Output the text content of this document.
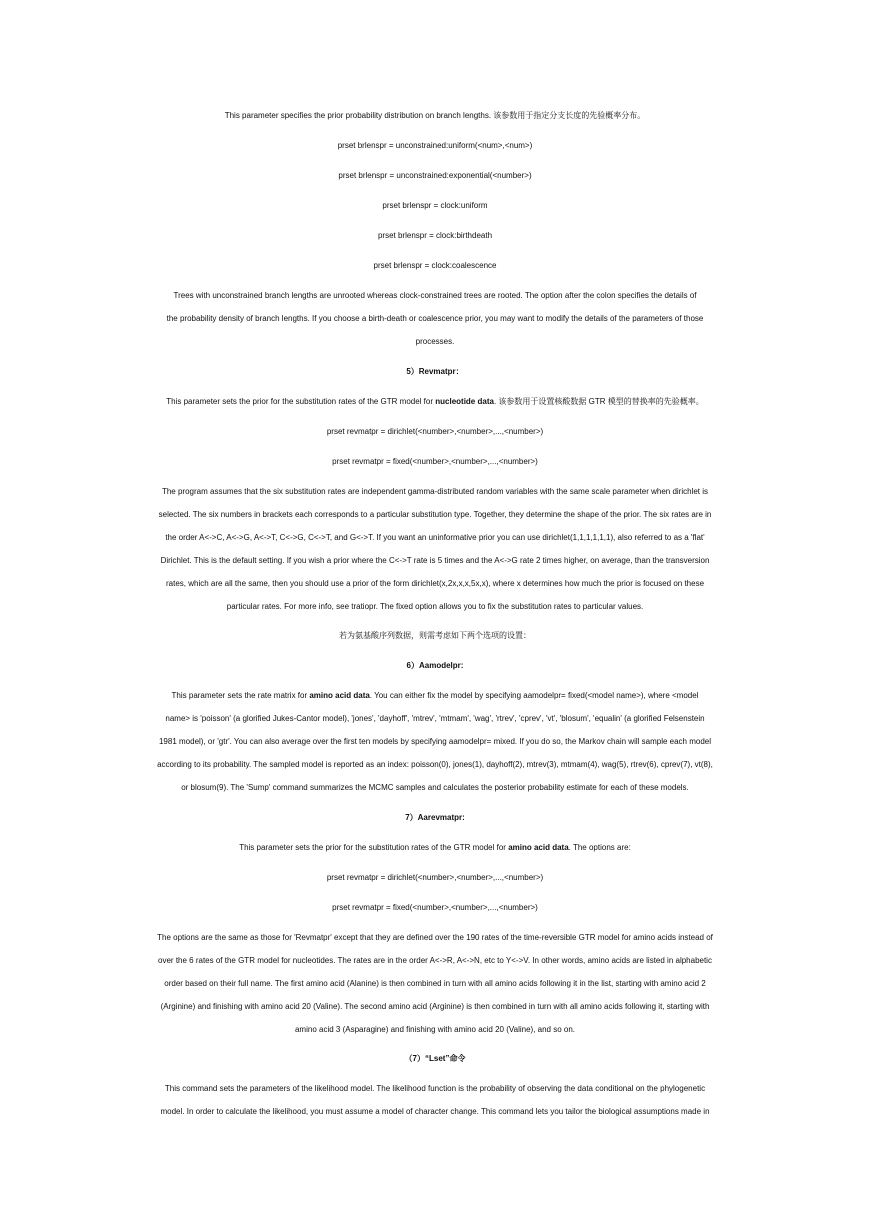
This parameter specifies the prior probability distribution on branch lengths. 该参数用于指定分支长度的先验概率分布。

prset brlenspr = unconstrained:uniform(<num>,<num>)

prset brlenspr = unconstrained:exponential(<number>)

prset brlenspr = clock:uniform

prset brlenspr = clock:birthdeath

prset brlenspr = clock:coalescence

Trees with unconstrained branch lengths are unrooted whereas clock-constrained trees are rooted. The option after the colon specifies the details of

the probability density of branch lengths. If you choose a birth-death or coalescence prior, you may want to modify the details of the parameters of those

processes.

5）Revmatpr：

This parameter sets the prior for the substitution rates of the GTR model for nucleotide data. 该参数用于设置核酸数据 GTR 模型的替换率的先验概率。

prset revmatpr = dirichlet(<number>,<number>,...,<number>)

prset revmatpr = fixed(<number>,<number>,...,<number>)

The program assumes that the six substitution rates are independent gamma-distributed random variables with the same scale parameter when dirichlet is

selected. The six numbers in brackets each corresponds to a particular substitution type. Together, they determine the shape of the prior. The six rates are in

the order A<->C, A<->G, A<->T, C<->G, C<->T, and G<->T. If you want an uninformative prior you can use dirichlet(1,1,1,1,1,1), also referred to as a 'flat'

Dirichlet. This is the default setting. If you wish a prior where the C<->T rate is 5 times and the A<->G rate 2 times higher, on average, than the transversion

rates, which are all the same, then you should use a prior of the form dirichlet(x,2x,x,x,5x,x), where x determines how much the prior is focused on these

particular rates. For more info, see tratiopr. The fixed option allows you to fix the substitution rates to particular values.

若为氨基酸序列数据，则需考虑如下两个选项的设置：

6）Aamodelpr:

This parameter sets the rate matrix for amino acid data. You can either fix the model by specifying aamodelpr= fixed(<model name>), where <model

name> is 'poisson' (a glorified Jukes-Cantor model), 'jones', 'dayhoff', 'mtrev', 'mtmam', 'wag', 'rtrev', 'cprev', 'vt', 'blosum', 'equalin' (a glorified Felsenstein

1981 model), or 'gtr'. You can also average over the first ten models by specifying aamodelpr= mixed. If you do so, the Markov chain will sample each model

according to its probability. The sampled model is reported as an index: poisson(0), jones(1), dayhoff(2), mtrev(3), mtmam(4), wag(5), rtrev(6), cprev(7), vt(8),

or blosum(9). The 'Sump' command summarizes the MCMC samples and calculates the posterior probability estimate for each of these models.

7）Aarevmatpr:

This parameter sets the prior for the substitution rates of the GTR model for amino acid data. The options are:

prset revmatpr = dirichlet(<number>,<number>,...,<number>)

prset revmatpr = fixed(<number>,<number>,...,<number>)

The options are the same as those for 'Revmatpr' except that they are defined over the 190 rates of the time-reversible GTR model for amino acids instead of

over the 6 rates of the GTR model for nucleotides. The rates are in the order A<->R, A<->N, etc to Y<->V. In other words, amino acids are listed in alphabetic

order based on their full name. The first amino acid (Alanine) is then combined in turn with all amino acids following it in the list, starting with amino acid 2

(Arginine) and finishing with amino acid 20 (Valine). The second amino acid (Arginine) is then combined in turn with all amino acids following it, starting with

amino acid 3 (Asparagine) and finishing with amino acid 20 (Valine), and so on.

（7）“Lset”命令

This command sets the parameters of the likelihood model. The likelihood function is the probability of observing the data conditional on the phylogenetic

model. In order to calculate the likelihood, you must assume a model of character change. This command lets you tailor the biological assumptions made in
